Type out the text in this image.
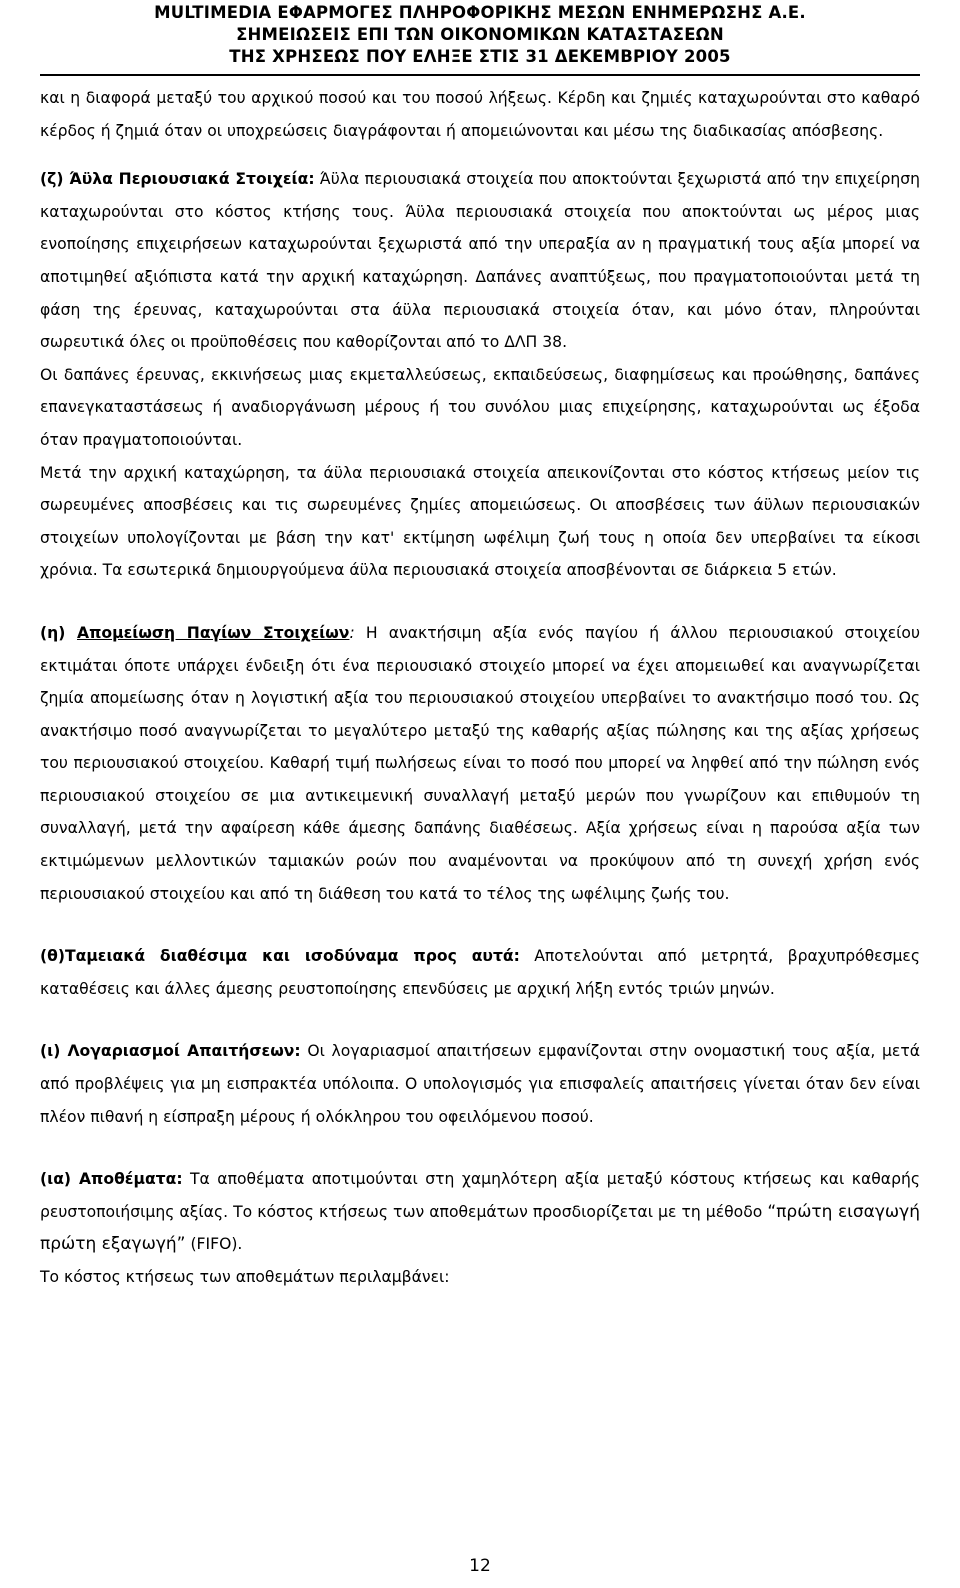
MULTIMEDIA ΕΦΑΡΜΟΓΕΣ ΠΛΗΡΟΦΟΡΙΚΗΣ ΜΕΣΩΝ ΕΝΗΜΕΡΩΣΗΣ Α.Ε.
ΣΗΜΕΙΩΣΕΙΣ ΕΠΙ ΤΩΝ ΟΙΚΟΝΟΜΙΚΩΝ ΚΑΤΑΣΤΑΣΕΩΝ
ΤΗΣ ΧΡΗΣΕΩΣ ΠΟΥ ΕΛΗΞΕ ΣΤΙΣ 31 ΔΕΚΕΜΒΡΙΟΥ 2005

και η διαφορά μεταξύ του αρχικού ποσού και του ποσού λήξεως. Κέρδη και ζημιές καταχωρούνται στο καθαρό κέρδος ή ζημιά όταν οι υποχρεώσεις διαγράφονται ή απομειώνονται και μέσω της διαδικασίας απόσβεσης.

(ζ) Άϋλα Περιουσιακά Στοιχεία: Άϋλα περιουσιακά στοιχεία που αποκτούνται ξεχωριστά από την επιχείρηση καταχωρούνται στο κόστος κτήσης τους. Άϋλα περιουσιακά στοιχεία που αποκτούνται ως μέρος μιας ενοποίησης επιχειρήσεων καταχωρούνται ξεχωριστά από την υπεραξία αν η πραγματική τους αξία μπορεί να αποτιμηθεί αξιόπιστα κατά την αρχική καταχώρηση. Δαπάνες αναπτύξεως, που πραγματοποιούνται μετά τη φάση της έρευνας, καταχωρούνται στα άϋλα περιουσιακά στοιχεία όταν, και μόνο όταν, πληρούνται σωρευτικά όλες οι προϋποθέσεις που καθορίζονται από το ΔΛΠ 38.

Οι δαπάνες έρευνας, εκκινήσεως μιας εκμεταλλεύσεως, εκπαιδεύσεως, διαφημίσεως και προώθησης, δαπάνες επανεγκαταστάσεως ή αναδιοργάνωση μέρους ή του συνόλου μιας επιχείρησης, καταχωρούνται ως έξοδα όταν πραγματοποιούνται.

Μετά την αρχική καταχώρηση, τα άϋλα περιουσιακά στοιχεία απεικονίζονται στο κόστος κτήσεως μείον τις σωρευμένες αποσβέσεις και τις σωρευμένες ζημίες απομειώσεως. Οι αποσβέσεις των άϋλων περιουσιακών στοιχείων υπολογίζονται με βάση την κατ' εκτίμηση ωφέλιμη ζωή τους η οποία δεν υπερβαίνει τα είκοσι χρόνια. Τα εσωτερικά δημιουργούμενα άϋλα περιουσιακά στοιχεία αποσβένονται σε διάρκεια 5 ετών.

(η) Απομείωση Παγίων Στοιχείων: Η ανακτήσιμη αξία ενός παγίου ή άλλου περιουσιακού στοιχείου εκτιμάται όποτε υπάρχει ένδειξη ότι ένα περιουσιακό στοιχείο μπορεί να έχει απομειωθεί και αναγνωρίζεται ζημία απομείωσης όταν η λογιστική αξία του περιουσιακού στοιχείου υπερβαίνει το ανακτήσιμο ποσό του. Ως ανακτήσιμο ποσό αναγνωρίζεται το μεγαλύτερο μεταξύ της καθαρής αξίας πώλησης και της αξίας χρήσεως του περιουσιακού στοιχείου. Καθαρή τιμή πωλήσεως είναι το ποσό που μπορεί να ληφθεί από την πώληση ενός περιουσιακού στοιχείου σε μια αντικειμενική συναλλαγή μεταξύ μερών που γνωρίζουν και επιθυμούν τη συναλλαγή, μετά την αφαίρεση κάθε άμεσης δαπάνης διαθέσεως. Αξία χρήσεως είναι η παρούσα αξία των εκτιμώμενων μελλοντικών ταμιακών ροών που αναμένονται να προκύψουν από τη συνεχή χρήση ενός περιουσιακού στοιχείου και από τη διάθεση του κατά το τέλος της ωφέλιμης ζωής του.

(θ)Ταμειακά διαθέσιμα και ισοδύναμα προς αυτά: Αποτελούνται από μετρητά, βραχυπρόθεσμες καταθέσεις και άλλες άμεσης ρευστοποίησης επενδύσεις με αρχική λήξη εντός τριών μηνών.

(ι) Λογαριασμοί Απαιτήσεων: Οι λογαριασμοί απαιτήσεων εμφανίζονται στην ονομαστική τους αξία, μετά από προβλέψεις για μη εισπρακτέα υπόλοιπα. Ο υπολογισμός για επισφαλείς απαιτήσεις γίνεται όταν δεν είναι πλέον πιθανή η είσπραξη μέρους ή ολόκληρου του οφειλόμενου ποσού.

(ια) Αποθέματα: Τα αποθέματα αποτιμούνται στη χαμηλότερη αξία μεταξύ κόστους κτήσεως και καθαρής ρευστοποιήσιμης αξίας. Το κόστος κτήσεως των αποθεμάτων προσδιορίζεται με τη μέθοδο “πρώτη εισαγωγή πρώτη εξαγωγή” (FIFO).

Το κόστος κτήσεως των αποθεμάτων περιλαμβάνει:

12
